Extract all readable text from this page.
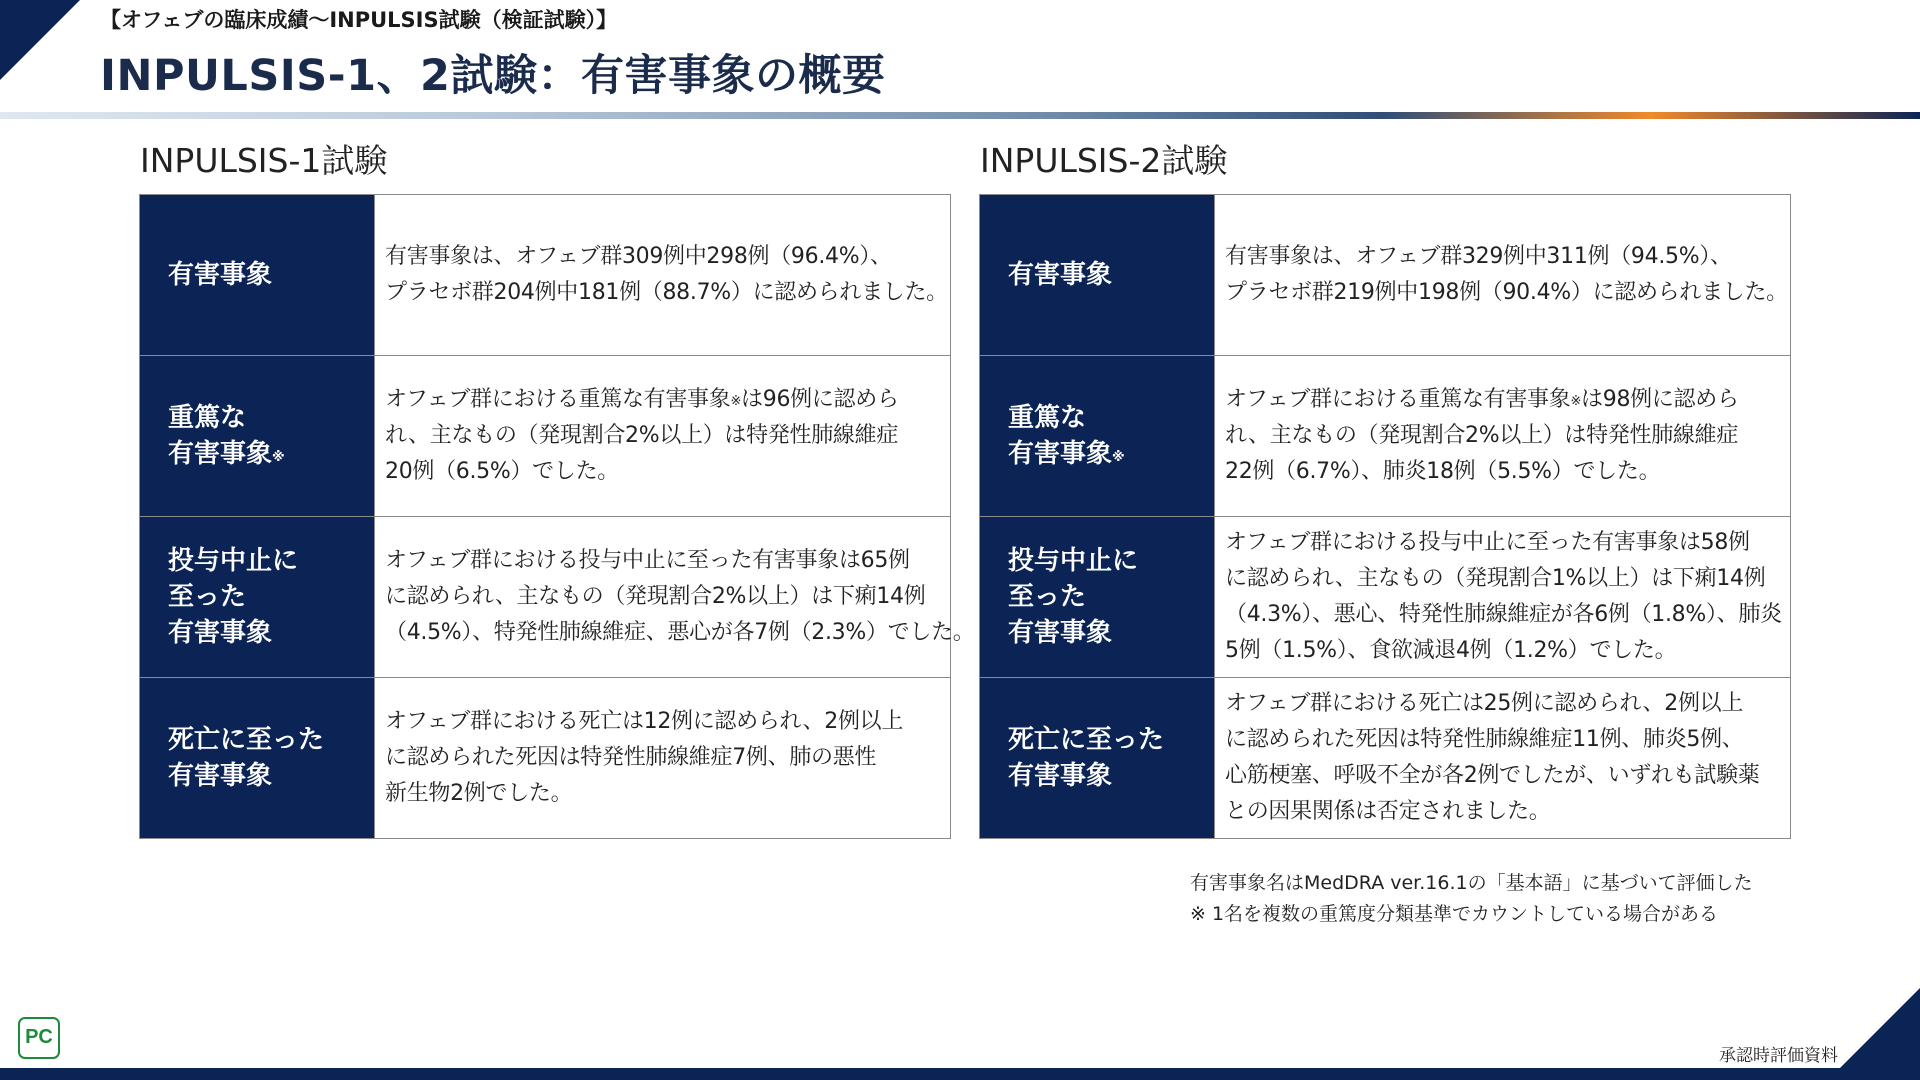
【オフェブの臨床成績〜INPULSIS試験（検証試験）】
INPULSIS-1、2試験：有害事象の概要
INPULSIS-1試験
有害事象	有害事象は、オフェブ群309例中298例（96.4%）、
プラセボ群204例中181例（88.7%）に認められました。

重篤な
有害事象※	オフェブ群における重篤な有害事象※は96例に認めら
れ、主なもの（発現割合2%以上）は特発性肺線維症
20例（6.5%）でした。

投与中止に
至った
有害事象	オフェブ群における投与中止に至った有害事象は65例
に認められ、主なもの（発現割合2%以上）は下痢14例
（4.5%）、特発性肺線維症、悪心が各7例（2.3%）でした。

死亡に至った
有害事象	オフェブ群における死亡は12例に認められ、2例以上
に認められた死因は特発性肺線維症7例、肺の悪性
新生物2例でした。
INPULSIS-2試験
有害事象	有害事象は、オフェブ群329例中311例（94.5%）、
プラセボ群219例中198例（90.4%）に認められました。

重篤な
有害事象※	オフェブ群における重篤な有害事象※は98例に認めら
れ、主なもの（発現割合2%以上）は特発性肺線維症
22例（6.7%）、肺炎18例（5.5%）でした。

投与中止に
至った
有害事象	オフェブ群における投与中止に至った有害事象は58例
に認められ、主なもの（発現割合1%以上）は下痢14例
（4.3%）、悪心、特発性肺線維症が各6例（1.8%）、肺炎
5例（1.5%）、食欲減退4例（1.2%）でした。

死亡に至った
有害事象	オフェブ群における死亡は25例に認められ、2例以上
に認められた死因は特発性肺線維症11例、肺炎5例、
心筋梗塞、呼吸不全が各2例でしたが、いずれも試験薬
との因果関係は否定されました。
有害事象名はMedDRA ver.16.1の「基本語」に基づいて評価した
※ 1名を複数の重篤度分類基準でカウントしている場合がある
PC
承認時評価資料
